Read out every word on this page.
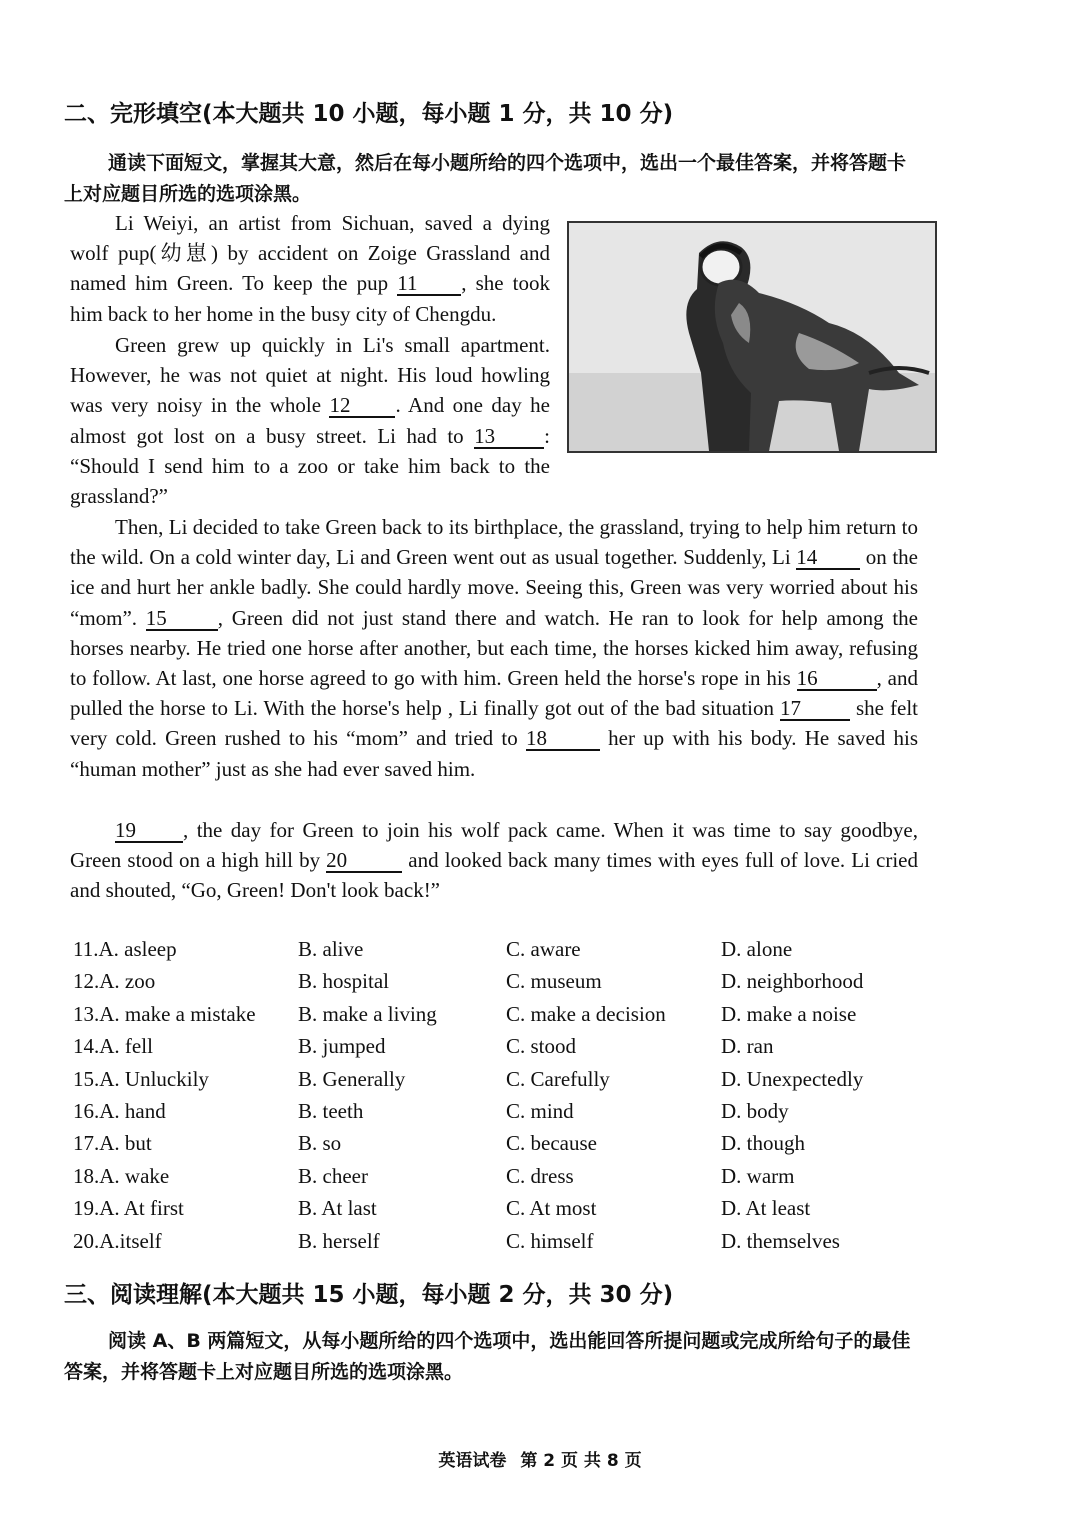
二、完形填空(本大题共 10 小题，每小题 1 分，共 10 分)

通读下面短文，掌握其大意，然后在每小题所给的四个选项中，选出一个最佳答案，并将答题卡上对应题目所选的选项涂黑。

Li Weiyi, an artist from Sichuan, saved a dying wolf pup(幼崽) by accident on Zoige Grassland and named him Green. To keep the pup 11 , she took him back to her home in the busy city of Chengdu.

Green grew up quickly in Li's small apartment. However, he was not quiet at night. His loud howling was very noisy in the whole 12 . And one day he almost got lost on a busy street. Li had to 13 : “Should I send him to a zoo or take him back to the grassland?”

Then, Li decided to take Green back to its birthplace, the grassland, trying to help him return to the wild. On a cold winter day, Li and Green went out as usual together. Suddenly, Li 14 on the ice and hurt her ankle badly. She could hardly move. Seeing this, Green was very worried about his “mom”. 15 , Green did not just stand there and watch. He ran to look for help among the horses nearby. He tried one horse after another, but each time, the horses kicked him away, refusing to follow. At last, one horse agreed to go with him. Green held the horse's rope in his 16	, and pulled the horse to Li. With the horse's help , Li finally got out of the bad situation 17 she felt very cold. Green rushed to his “mom” and tried to 18	her up with his body. He saved his “human mother” just as she had ever saved him.

19 , the day for Green to join his wolf pack came. When it was time to say goodbye, Green stood on a high hill by 20	and looked back many times with eyes full of love. Li cried and shouted, “Go, Green! Don't look back!”

11.A. asleep	B. alive	C. aware	D. alone
12.A. zoo	B. hospital	C. museum	D. neighborhood
13.A. make a mistake B. make a living	C. make a decision	D. make a noise
14.A. fell	B. jumped	C. stood	D. ran
15.A. Unluckily	B. Generally	C. Carefully	D. Unexpectedly
16.A. hand	B. teeth	C. mind	D. body
17.A. but	B. so	C. because	D. though
18.A. wake	B. cheer	C. dress	D. warm
19.A. At first	B. At last	C. At most	D. At least
20.A.itself	B. herself	C. himself	D. themselves
三、阅读理解(本大题共 15 小题，每小题 2 分，共 30 分)

阅读 A、B 两篇短文，从每小题所给的四个选项中，选出能回答所提问题或完成所给句子的最佳答案，并将答题卡上对应题目所选的选项涂黑。

英语试卷 第 2 页 共 8 页
